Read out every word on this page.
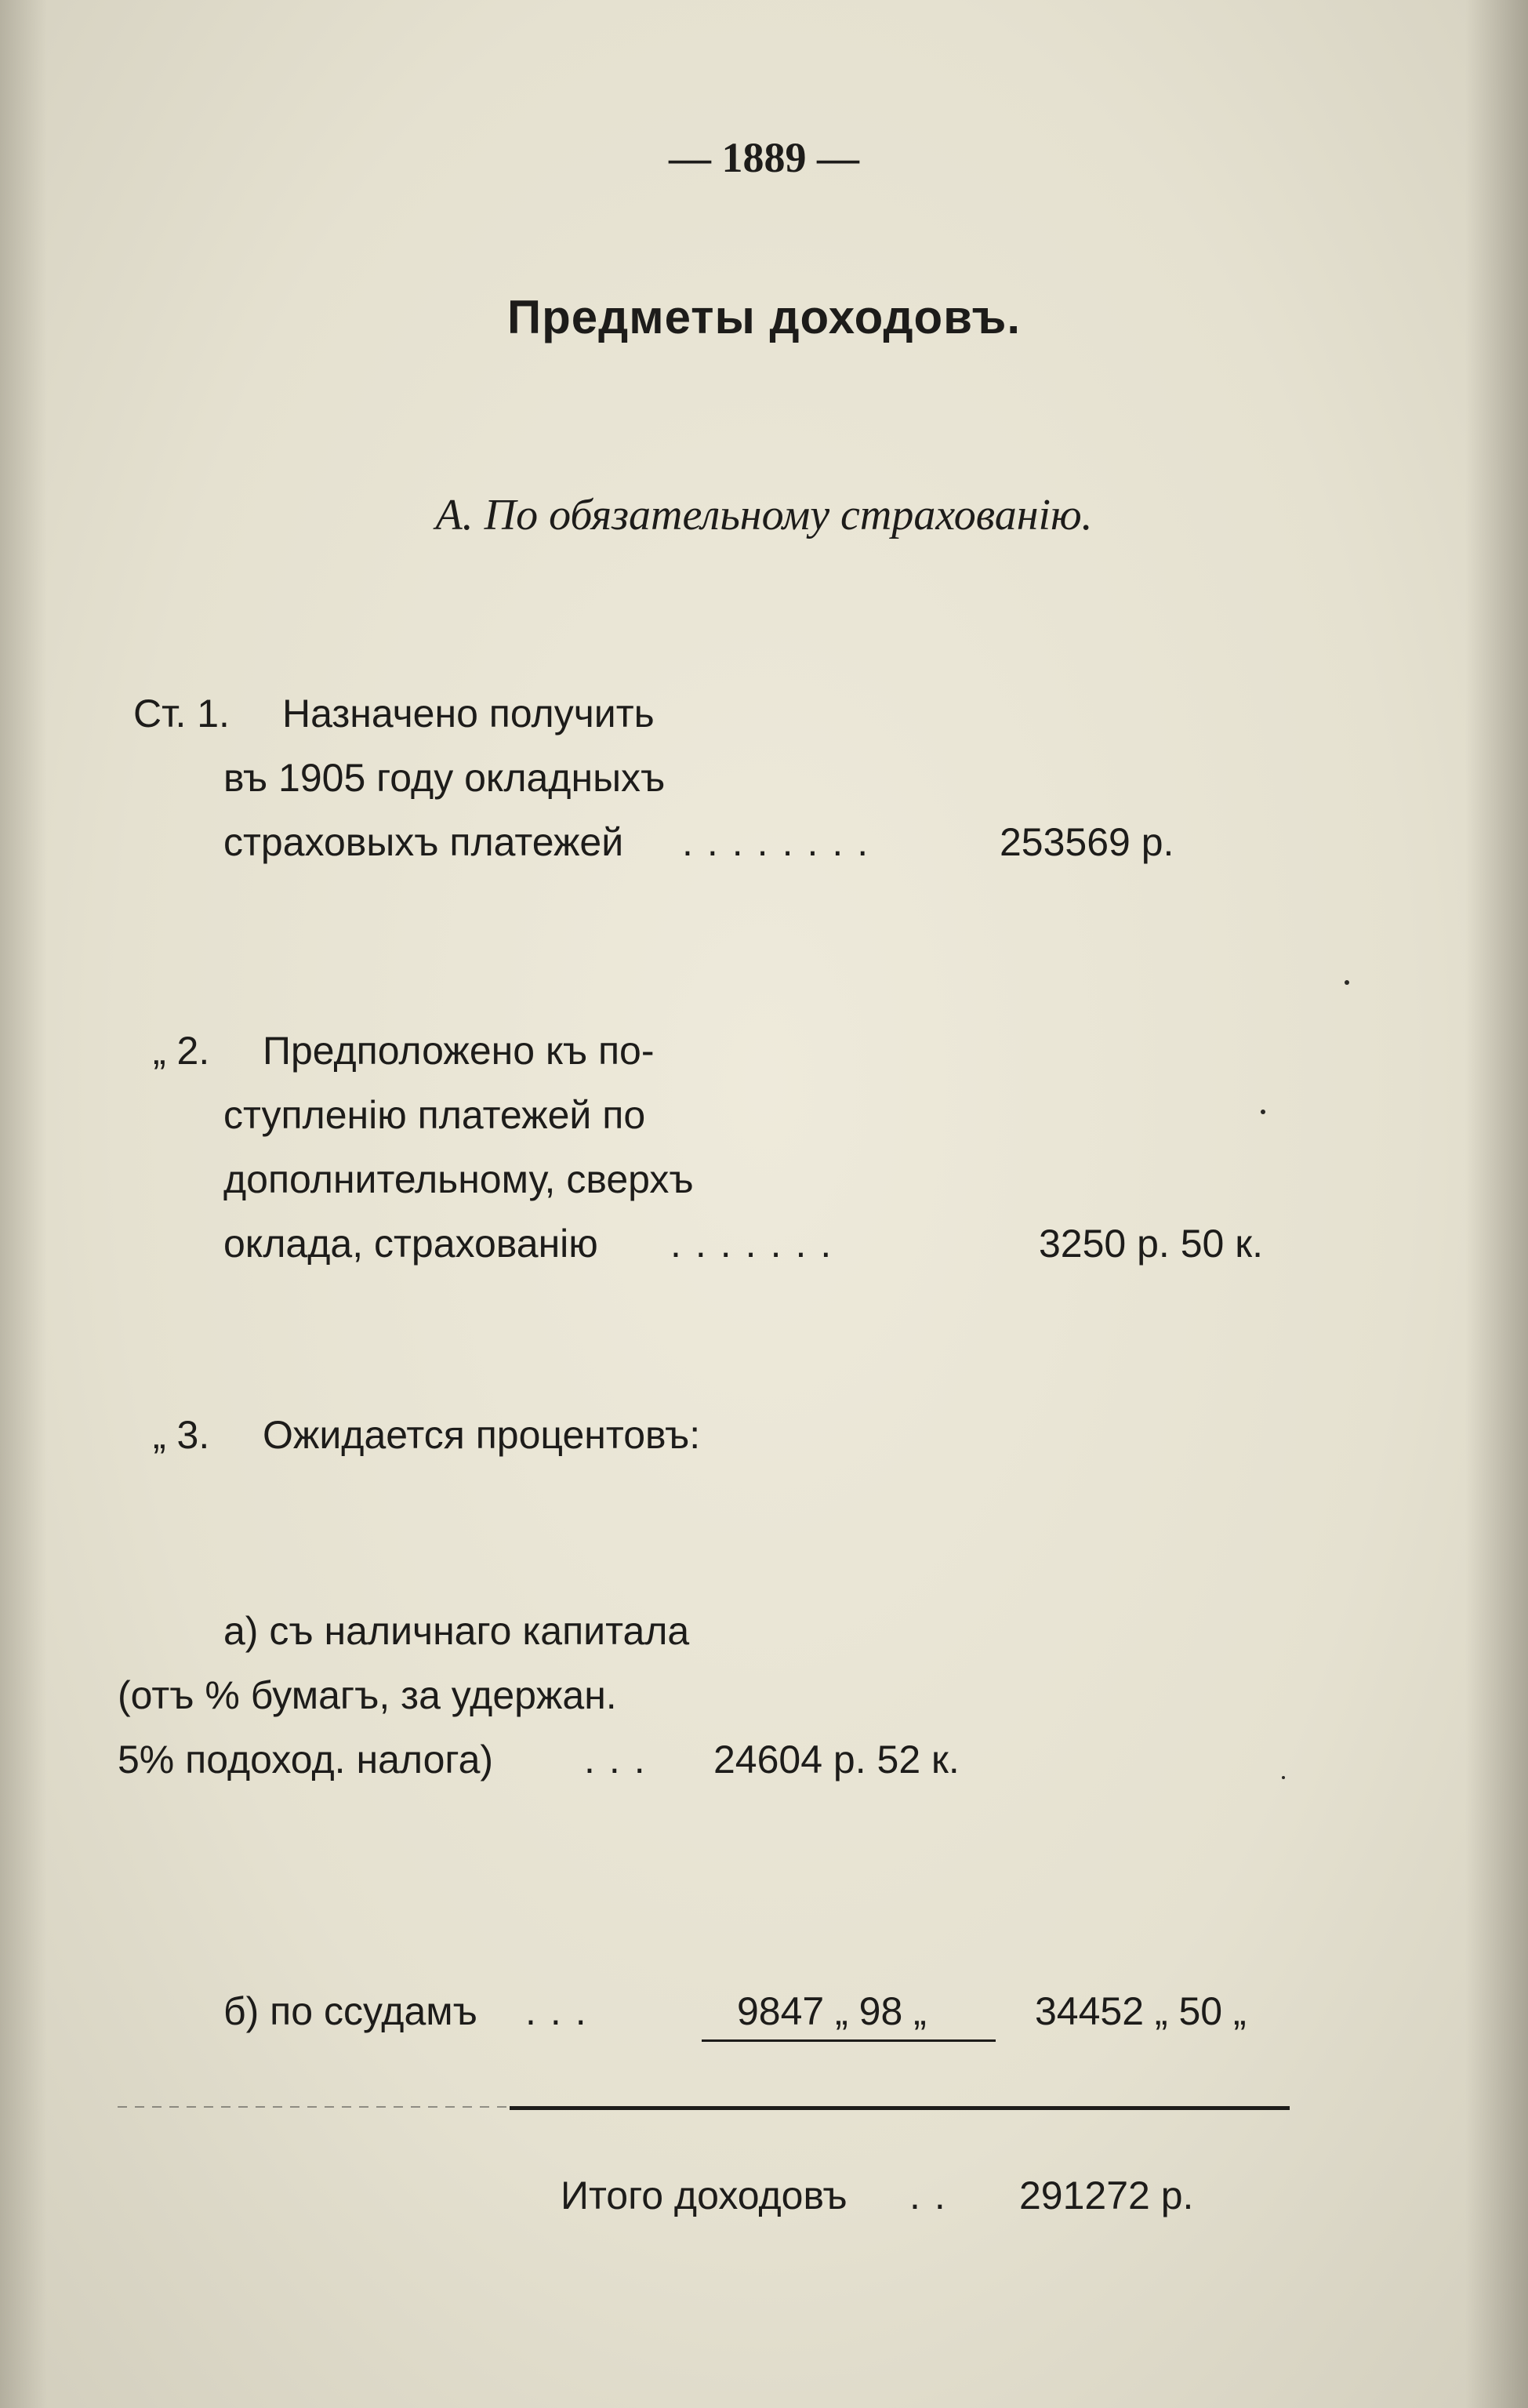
— 1889 —
Предметы доходовъ.
А. По обязательному страхованію.
Ст. 1. Назначено получить
въ 1905 году окладныхъ
страховыхъ платежей ........	253569 р.
„ 2. Предположено къ по-
ступленію платежей по
дополнительному, сверхъ
оклада, страхованію .......	3250 р. 50 к.
„ 3. Ожидается процентовъ:
а) съ наличнаго капитала
(отъ % бумагъ, за удержан.
5% подоход. налога) ... 24604 р. 52 к.
б) по ссудамъ ...	9847 „ 98 „	34452 „ 50 „
Итого доходовъ .. 291272 р.
